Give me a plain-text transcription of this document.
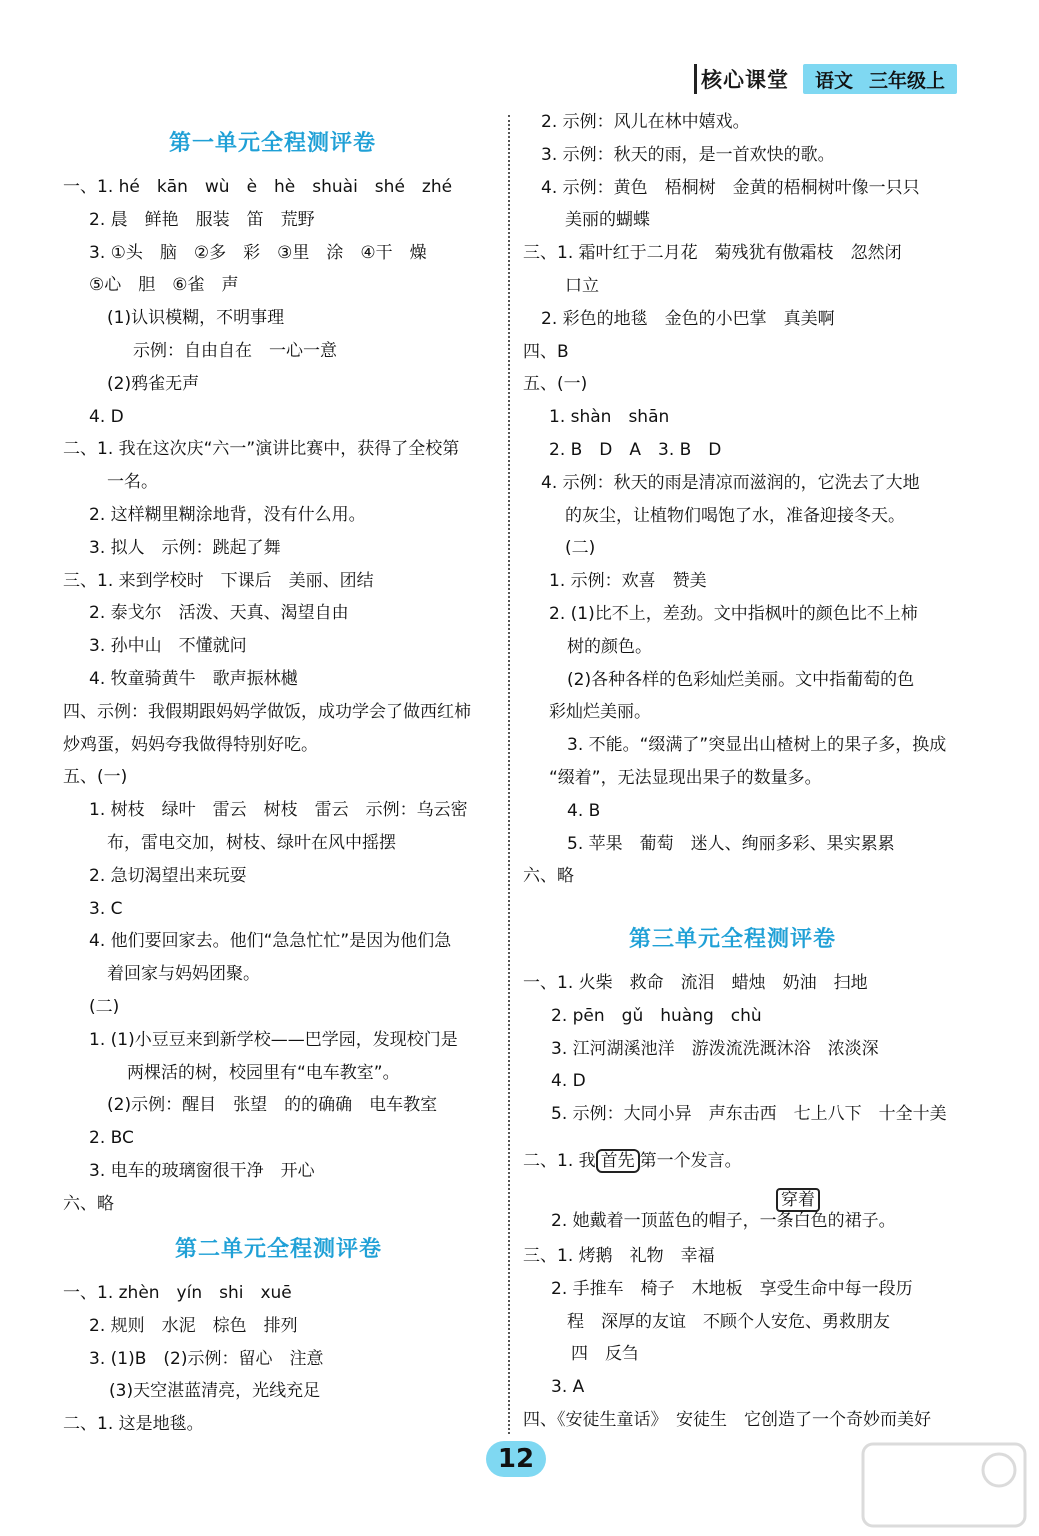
核心课堂	语文 三年级上
第一单元全程测评卷
一、1. hé　kān　wù　è　hè　shuài　shé　zhé
2. 晨　鲜艳　服装　笛　荒野
3. ①头　脑　②多　彩　③里　涂　④干　燥
⑤心　胆　⑥雀　声
(1)认识模糊，不明事理
示例：自由自在　一心一意
(2)鸦雀无声
4. D
二、1. 我在这次庆“六一”演讲比赛中，获得了全校第
一名。
2. 这样糊里糊涂地背，没有什么用。
3. 拟人　示例：跳起了舞
三、1. 来到学校时　下课后　美丽、团结
2. 泰戈尔　活泼、天真、渴望自由
3. 孙中山　不懂就问
4. 牧童骑黄牛　歌声振林樾
四、示例：我假期跟妈妈学做饭，成功学会了做西红柿
炒鸡蛋，妈妈夸我做得特别好吃。
五、(一)
1. 树枝　绿叶　雷云　树枝　雷云　示例：乌云密
布，雷电交加，树枝、绿叶在风中摇摆
2. 急切渴望出来玩耍
3. C
4. 他们要回家去。他们“急急忙忙”是因为他们急
着回家与妈妈团聚。
(二)
1. (1)小豆豆来到新学校——巴学园，发现校门是
两棵活的树，校园里有“电车教室”。
(2)示例：醒目　张望　的的确确　电车教室
2. BC
3. 电车的玻璃窗很干净　开心
六、略
第二单元全程测评卷
一、1. zhèn　yín　shi　xuē
2. 规则　水泥　棕色　排列
3. (1)B　(2)示例：留心　注意
(3)天空湛蓝清亮，光线充足
二、1. 这是地毯。
2. 示例：风儿在林中嬉戏。
3. 示例：秋天的雨，是一首欢快的歌。
4. 示例：黄色　梧桐树　金黄的梧桐树叶像一只只
美丽的蝴蝶
三、1. 霜叶红于二月花　菊残犹有傲霜枝　忽然闭
口立
2. 彩色的地毯　金色的小巴掌　真美啊
四、B
五、(一)
1. shàn　shān
2. B　D　A　3. B　D
4. 示例：秋天的雨是清凉而滋润的，它洗去了大地
的灰尘，让植物们喝饱了水，准备迎接冬天。
(二)
1. 示例：欢喜　赞美
2. (1)比不上，差劲。文中指枫叶的颜色比不上柿
树的颜色。
(2)各种各样的色彩灿烂美丽。文中指葡萄的色
彩灿烂美丽。
3. 不能。“缀满了”突显出山楂树上的果子多，换成
“缀着”，无法显现出果子的数量多。
4. B
5. 苹果　葡萄　迷人、绚丽多彩、果实累累
六、略
第三单元全程测评卷
一、1. 火柴　救命　流泪　蜡烛　奶油　扫地
2. pēn　gǔ　huàng　chù
3. 江河湖溪池洋　游泼流洗溉沐浴　浓淡深
4. D
5. 示例：大同小异　声东击西　七上八下　十全十美
二、1. 我 首先 第一个发言。
穿着
2. 她戴着一顶蓝色的帽子，一条白色的裙子。
三、1. 烤鹅　礼物　幸福
2. 手推车　椅子　木地板　享受生命中每一段历
程　深厚的友谊　不顾个人安危、勇救朋友
四　反刍
3. A
四、《安徒生童话》　安徒生　它创造了一个奇妙而美好
12
